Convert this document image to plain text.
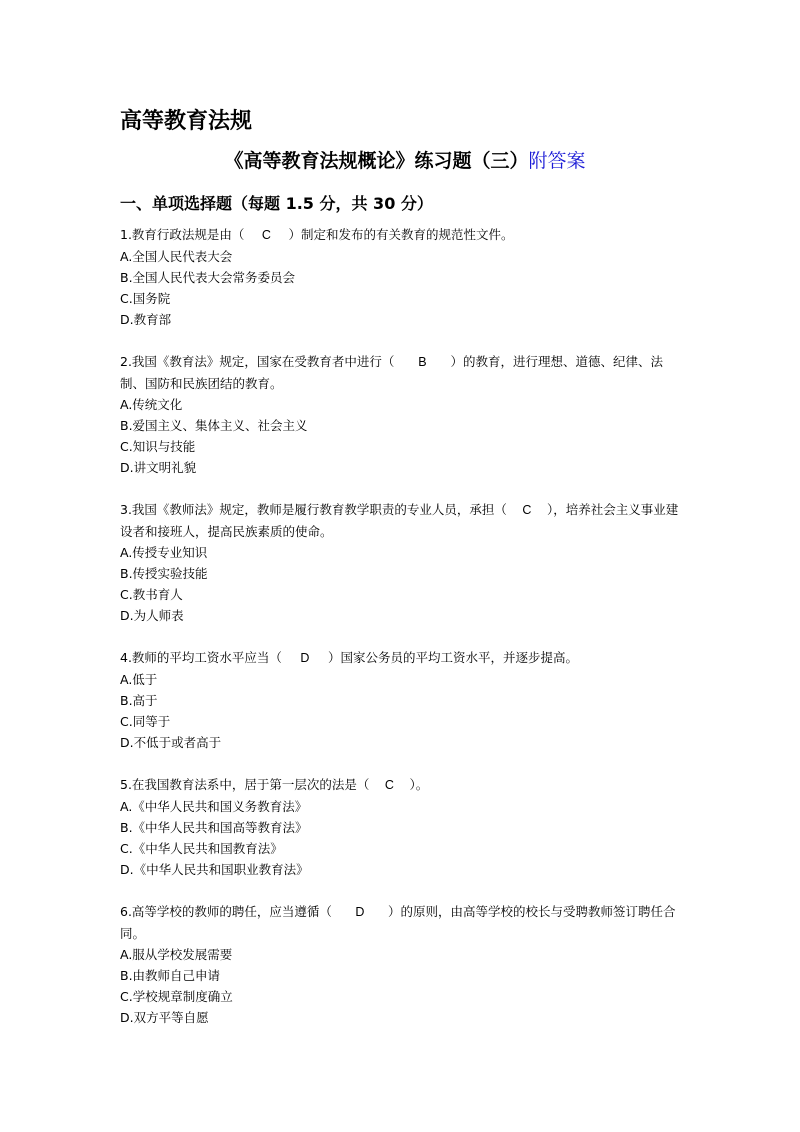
高等教育法规
《高等教育法规概论》练习题（三）附答案
一、单项选择题（每题 1.5 分，共 30 分）

1.教育行政法规是由（ C ）制定和发布的有关教育的规范性文件。

A.全国人民代表大会

B.全国人民代表大会常务委员会

C.国务院

D.教育部

2.我国《教育法》规定，国家在受教育者中进行（ B ）的教育，进行理想、道德、纪律、法制、国防和民族团结的教育。

A.传统文化

B.爱国主义、集体主义、社会主义

C.知识与技能

D.讲文明礼貌

3.我国《教师法》规定，教师是履行教育教学职责的专业人员，承担（ C ），培养社会主义事业建设者和接班人，提高民族素质的使命。

A.传授专业知识

B.传授实验技能

C.教书育人

D.为人师表

4.教师的平均工资水平应当（ D ）国家公务员的平均工资水平，并逐步提高。

A.低于

B.高于

C.同等于

D.不低于或者高于

5.在我国教育法系中，居于第一层次的法是（ C ）。

A.《中华人民共和国义务教育法》

B.《中华人民共和国高等教育法》

C.《中华人民共和国教育法》

D.《中华人民共和国职业教育法》

6.高等学校的教师的聘任，应当遵循（ D ）的原则，由高等学校的校长与受聘教师签订聘任合同。

A.服从学校发展需要

B.由教师自己申请

C.学校规章制度确立

D.双方平等自愿
